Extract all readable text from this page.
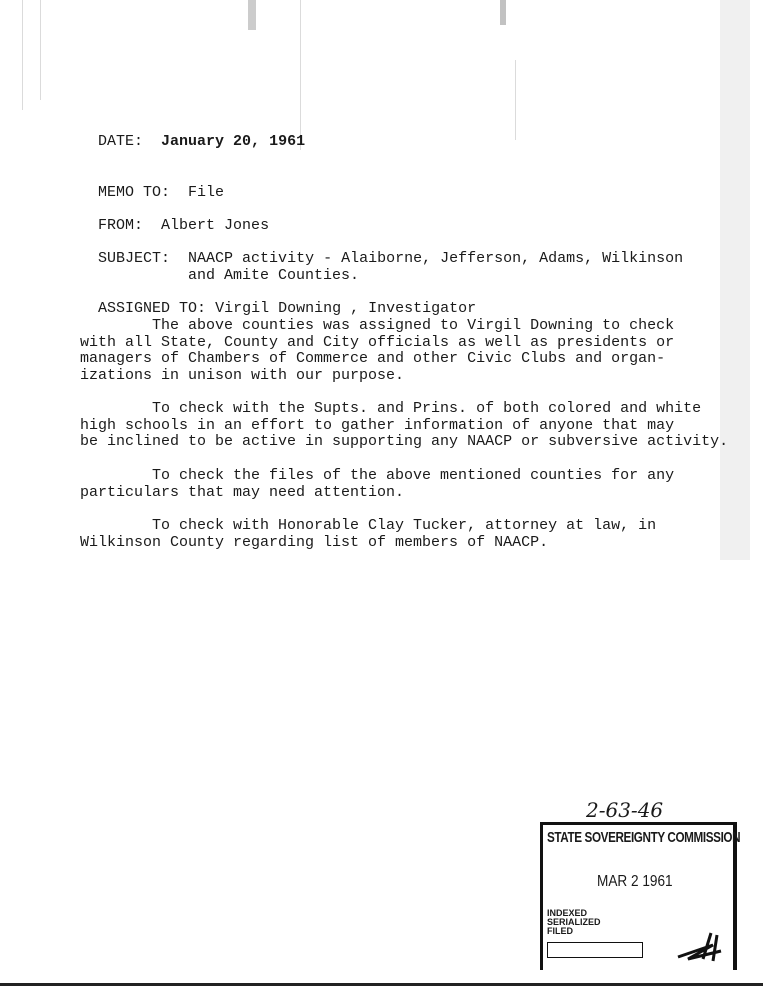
DATE: January 20, 1961

MEMO TO: File

FROM: Albert Jones

SUBJECT: NAACP activity - Alaiborne, Jefferson, Adams, Wilkinson

and Amite Counties.

ASSIGNED TO: Virgil Downing , Investigator

The above counties was assigned to Virgil Downing to check
with all State, County and City officials as well as presidents or
managers of Chambers of Commerce and other Civic Clubs and organ-
izations in unison with our purpose.
To check with the Supts. and Prins. of both colored and white
high schools in an effort to gather information of anyone that may
be inclined to be active in supporting any NAACP or subversive activity.
To check the files of the above mentioned counties for any
particulars that may need attention.
To check with Honorable Clay Tucker, attorney at law, in
Wilkinson County regarding list of members of NAACP.
2-63-46
STATE SOVEREIGNTY COMMISSION
MAR 2 1961
INDEXED
SERIALIZED
FILED
